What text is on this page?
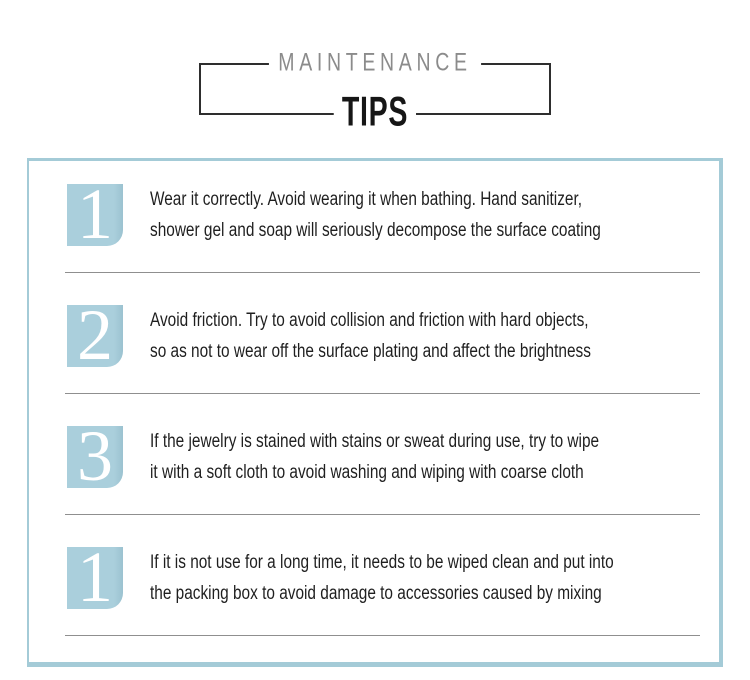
MAINTENANCE
TIPS
1	Wear it correctly. Avoid wearing it when bathing. Hand sanitizer,
shower gel and soap will seriously decompose the surface coating
2	Avoid friction. Try to avoid collision and friction with hard objects,
so as not to wear off the surface plating and affect the brightness
3	If the jewelry is stained with stains or sweat during use, try to wipe
it with a soft cloth to avoid washing and wiping with coarse cloth
1	If it is not use for a long time, it needs to be wiped clean and put into
the packing box to avoid damage to accessories caused by mixing
